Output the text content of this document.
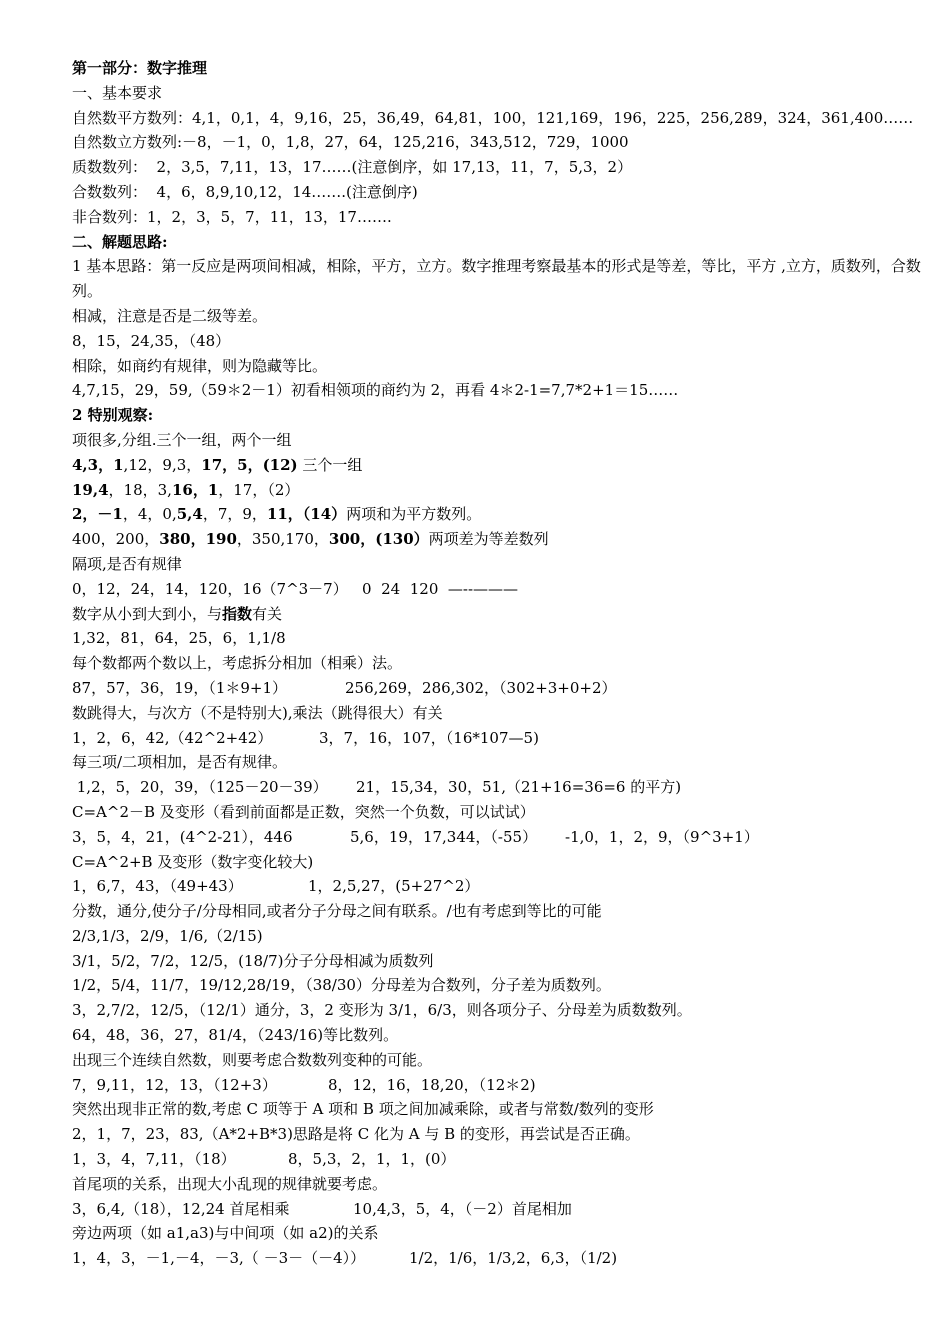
第一部分：数字推理
一、基本要求
自然数平方数列：4,1，0,1，4，9,16，25，36,49，64,81，100，121,169，196，225，256,289，324，361,400……
自然数立方数列:－8，－1，0，1,8，27，64，125,216，343,512，729，1000
质数数列：  2，3,5，7,11，13，17……(注意倒序，如 17,13，11，7，5,3，2）
合数数列：  4，6，8,9,10,12，14…….(注意倒序)
非合数列：1，2，3，5，7，11，13，17…….
二、解题思路:
1 基本思路：第一反应是两项间相减，相除，平方，立方。数字推理考察最基本的形式是等差，等比，平方 ,立方，质数列，合数列。
相减，注意是否是二级等差。
8，15，24,35，（48）
相除，如商约有规律，则为隐藏等比。
4,7,15，29，59,（59＊2－1）初看相领项的商约为 2，再看 4＊2-1=7,7*2+1＝15……
2 特别观察:
项很多,分组.三个一组，两个一组
4,3，1,12，9,3，17，5，(12) 三个一组
19,4，18，3,16，1，17，（2）
2，－1，4，0,5,4，7，9，11，（14）两项和为平方数列。
400，200，380，190，350,170，300，(130）两项差为等差数列
隔项,是否有规律
0，12，24，14，120，16（7^3－7）   0  24  120  —--———
数字从小到大到小，与指数有关
1,32，81，64，25，6，1,1/8
每个数都两个数以上，考虑拆分相加（相乘）法。
87，57，36，19，（1＊9+1）	256,269，286,302，（302+3+0+2）
数跳得大，与次方（不是特别大),乘法（跳得很大）有关
1，2，6，42,（42^2+42）	3，7，16，107，（16*107—5)
每三项/二项相加，是否有规律。
1,2，5，20，39，（125－20－39） 21，15,34，30，51,（21+16=36=6 的平方)
C=A^2－B 及变形（看到前面都是正数，突然一个负数，可以试试）
3，5，4，21，(4^2-21），446	5,6，19，17,344，（-55） -1,0，1，2，9，（9^3+1）
C=A^2+B 及变形（数字变化较大)
1，6,7，43，（49+43）	1，2,5,27，(5+27^2）
分数，通分,使分子/分母相同,或者分子分母之间有联系。/也有考虑到等比的可能
2/3,1/3，2/9，1/6,（2/15)
3/1，5/2，7/2，12/5，(18/7)分子分母相减为质数列
1/2，5/4，11/7，19/12,28/19，（38/30）分母差为合数列，分子差为质数列。
3，2,7/2，12/5，（12/1）通分，3，2 变形为 3/1，6/3，则各项分子、分母差为质数数列。
64，48，36，27，81/4，（243/16)等比数列。
出现三个连续自然数，则要考虑合数数列变种的可能。
7，9,11，12，13，（12+3）	8，12，16，18,20，（12＊2)
突然出现非正常的数,考虑 C 项等于 A 项和 B 项之间加减乘除，或者与常数/数列的变形
2，1，7，23，83,（A*2+B*3)思路是将 C 化为 A 与 B 的变形，再尝试是否正确。
1，3，4，7,11，（18）	8，5,3，2，1，1，(0）
首尾项的关系，出现大小乱现的规律就要考虑。
3，6,4,（18），12,24 首尾相乘	10,4,3，5，4，（－2）首尾相加
旁边两项（如 a1,a3)与中间项（如 a2)的关系
1，4，3，－1,－4，－3,（ －3－（－4））	1/2，1/6，1/3,2，6,3，（1/2)
